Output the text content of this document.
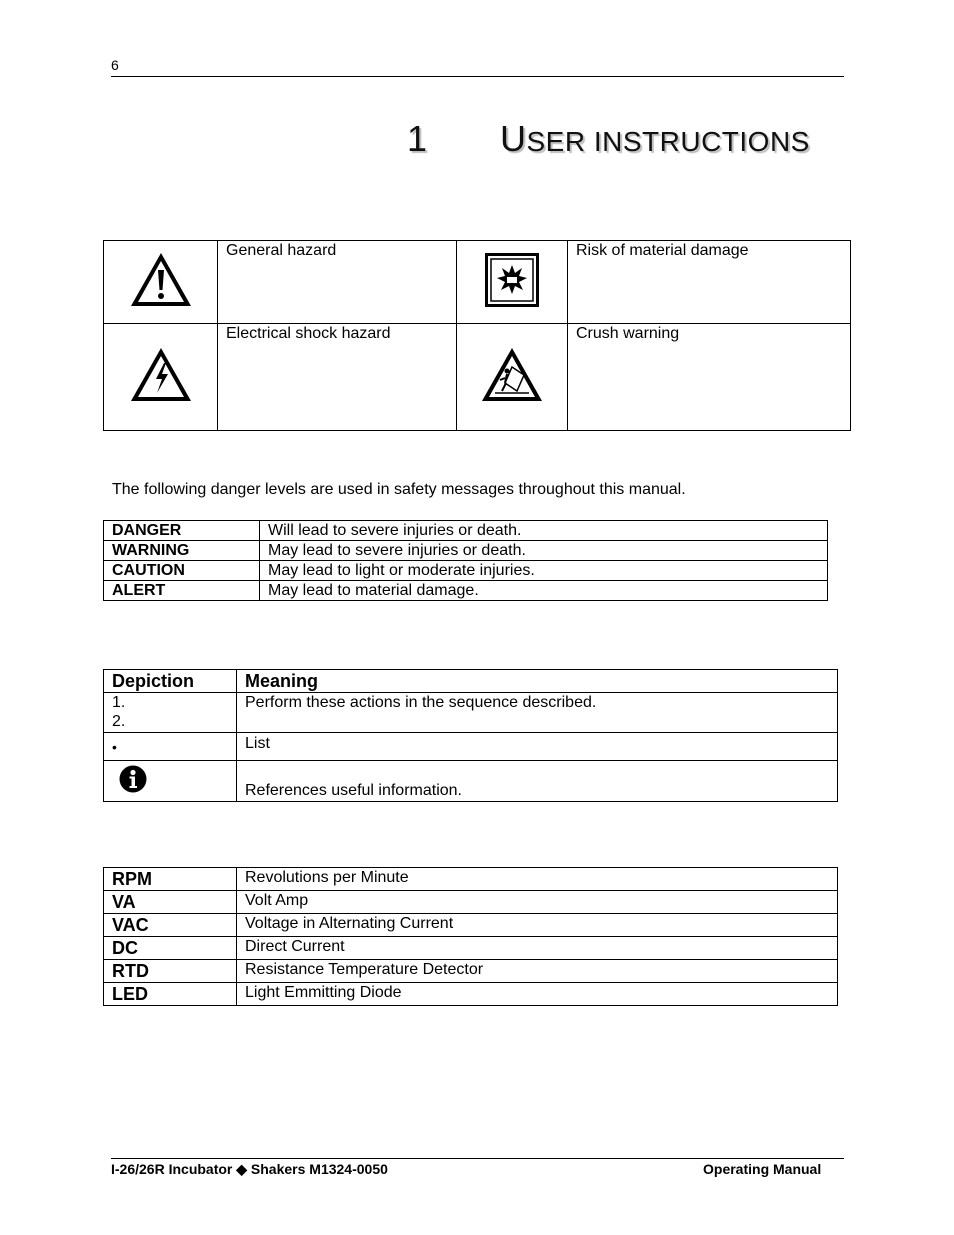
6
1 USER INSTRUCTIONS
	General hazard		Risk of material damage
	Electrical shock hazard		Crush warning
The following danger levels are used in safety messages throughout this manual.
DANGER	Will lead to severe injuries or death.
WARNING	May lead to severe injuries or death.
CAUTION	May lead to light or moderate injuries.
ALERT	May lead to material damage.
Depiction	Meaning

1.
2.	Perform these actions in the sequence described.
•	List
	References useful information.
RPM	Revolutions per Minute
VA	Volt Amp
VAC	Voltage in Alternating Current
DC	Direct Current
RTD	Resistance Temperature Detector
LED	Light Emmitting Diode
I-26/26R Incubator ◆ Shakers M1324-0050	Operating Manual
